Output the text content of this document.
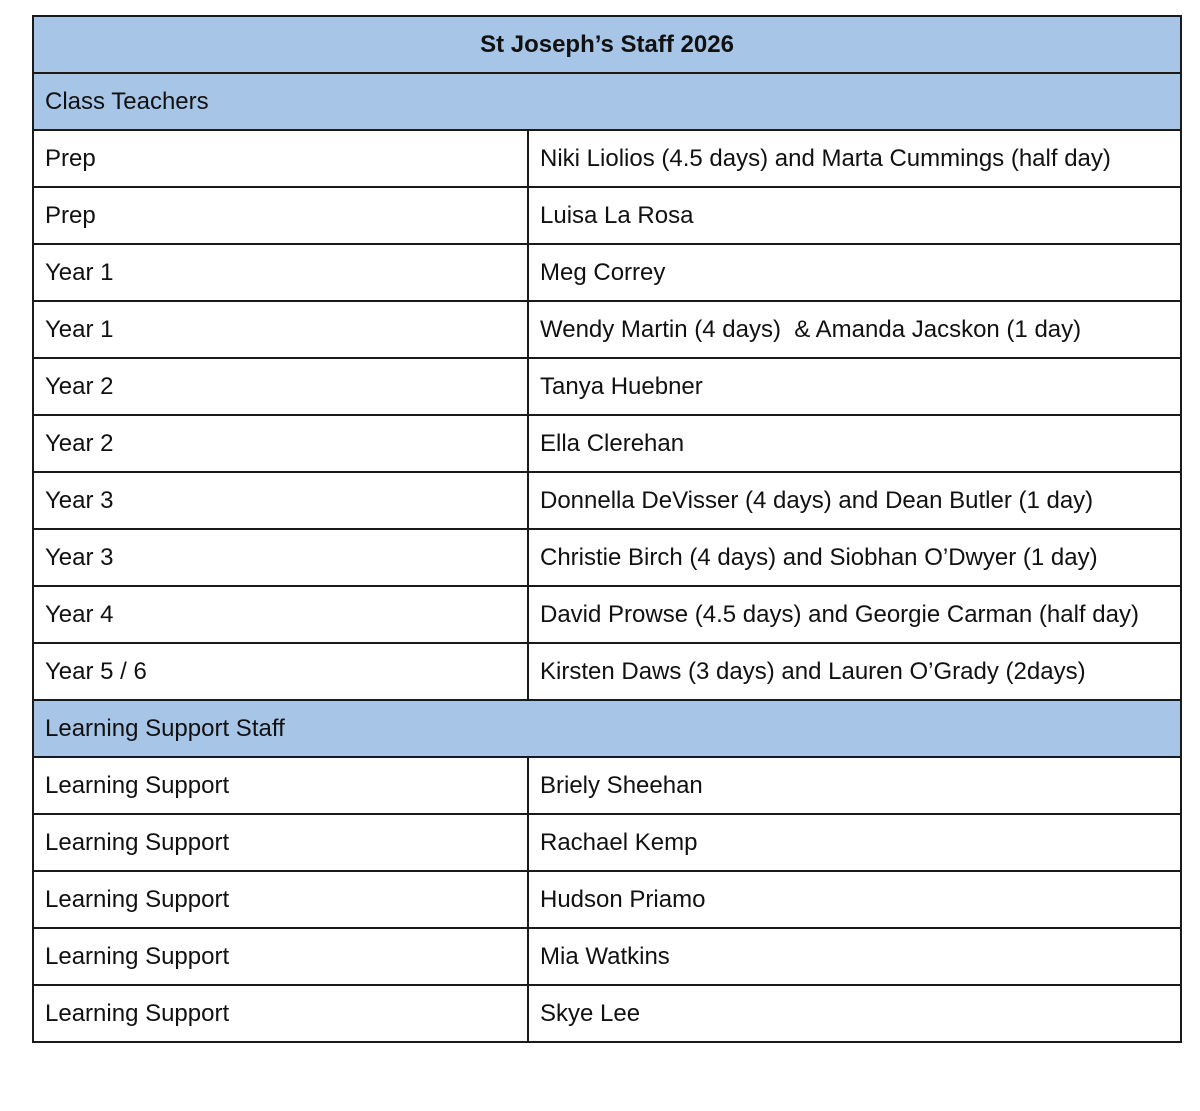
St Joseph’s Staff 2026	
Class Teachers	
Prep	Niki Liolios (4.5 days) and Marta Cummings (half day)
Prep	Luisa La Rosa
Year 1	Meg Correy
Year 1	Wendy Martin (4 days)  & Amanda Jacskon (1 day)
Year 2	Tanya Huebner
Year 2	Ella Clerehan
Year 3	Donnella DeVisser (4 days) and Dean Butler (1 day)
Year 3	Christie Birch (4 days) and Siobhan O’Dwyer (1 day)
Year 4	David Prowse (4.5 days) and Georgie Carman (half day)
Year 5 / 6	Kirsten Daws (3 days) and Lauren O’Grady (2days)
Learning Support Staff	
Learning Support	Briely Sheehan
Learning Support	Rachael Kemp
Learning Support	Hudson Priamo
Learning Support	Mia Watkins
Learning Support	Skye Lee
